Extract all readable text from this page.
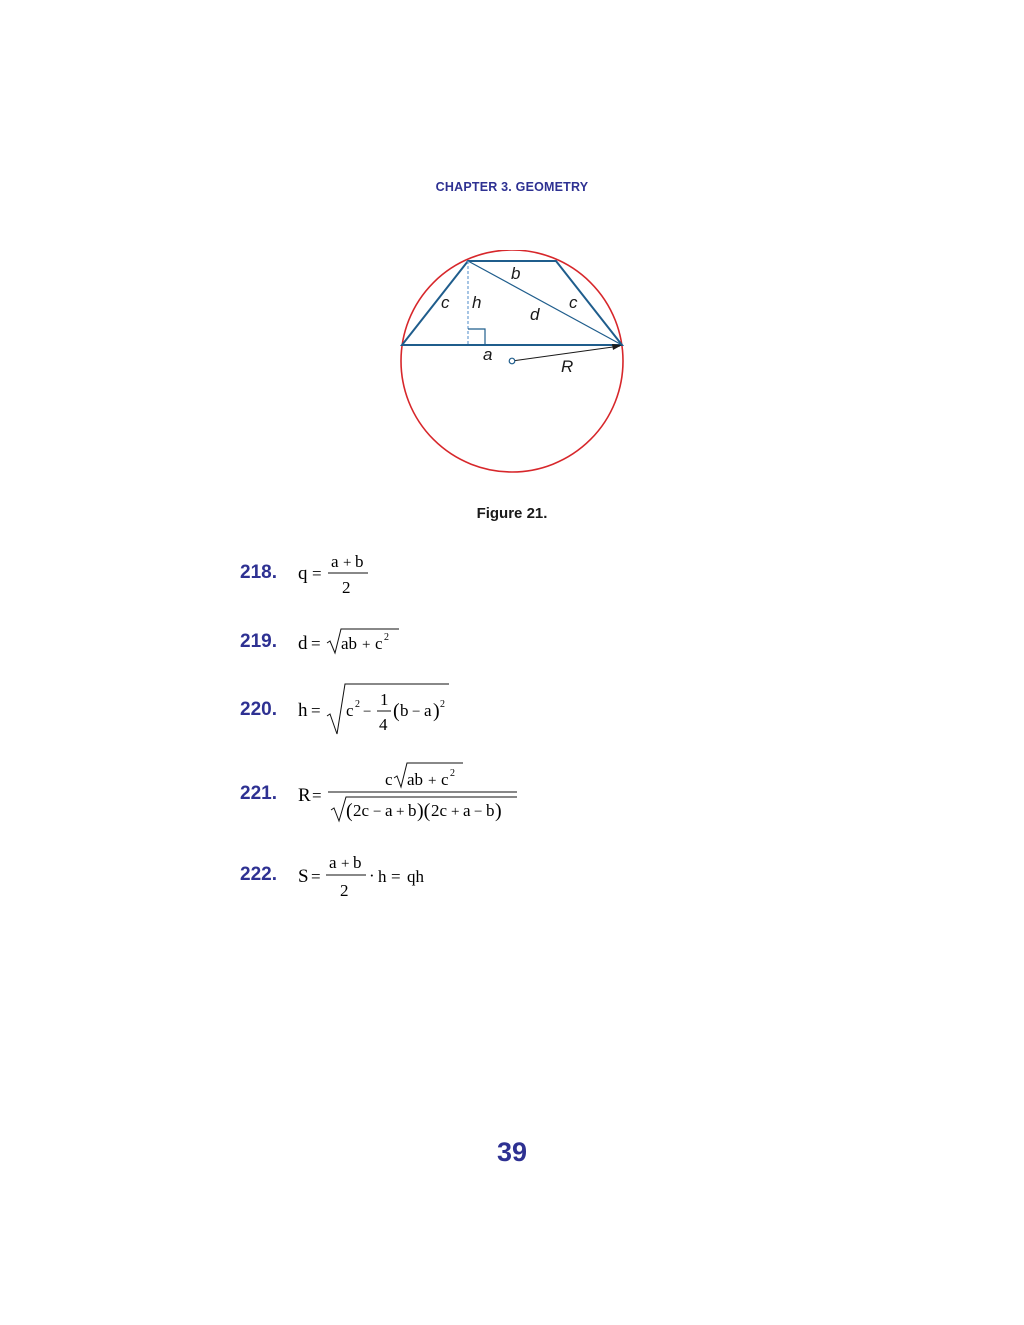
CHAPTER 3. GEOMETRY
b
c h
d
c
a
R
Figure 21.
218. q =
a + b
2
219. d = ab + c 2
220. h = c 2 −
1
4
( b − a ) 2
221. R =
c ab + c 2
( 2c − a + b )( 2c + a − b )
222. S =
a + b
2
· h = qh
39
